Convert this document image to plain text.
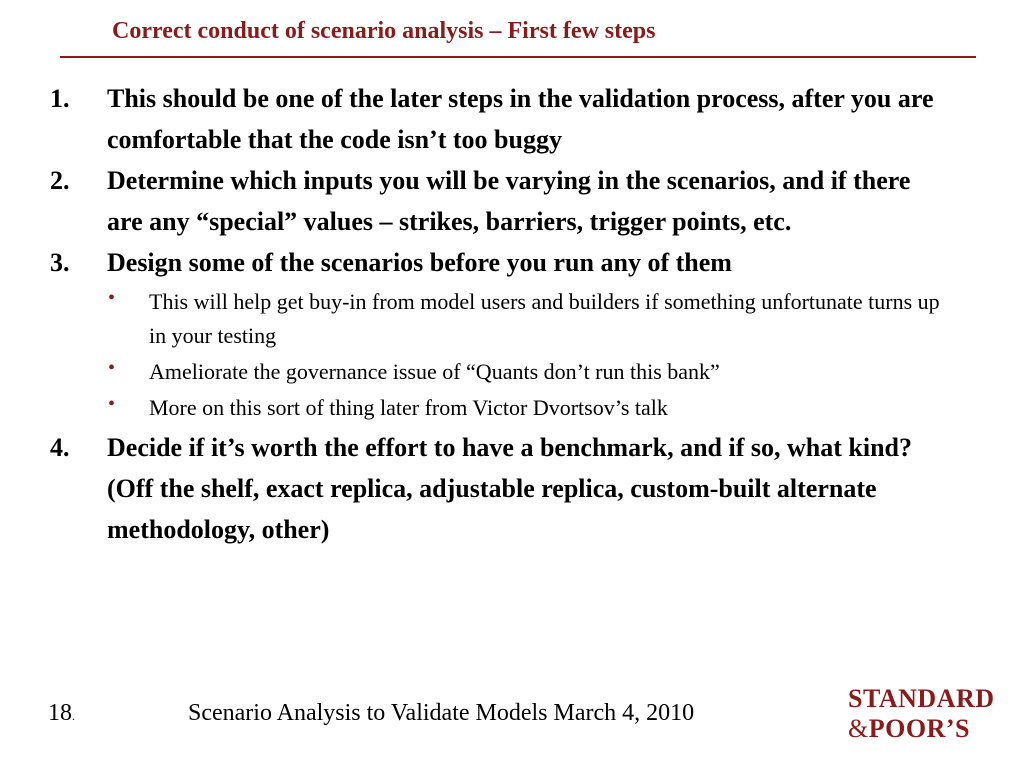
Correct conduct of scenario analysis – First few steps
1.	This should be one of the later steps in the validation process, after you are comfortable that the code isn’t too buggy
2.	Determine which inputs you will be varying in the scenarios, and if there are any “special” values – strikes, barriers, trigger points, etc.
3.	Design some of the scenarios before you run any of them
• This will help get buy-in from model users and builders if something unfortunate turns up in your testing
• Ameliorate the governance issue of “Quants don’t run this bank”
• More on this sort of thing later from Victor Dvortsov’s talk
4.	Decide if it’s worth the effort to have a benchmark, and if so, what kind? (Off the shelf, exact replica, adjustable replica, custom-built alternate methodology, other)
18.	Scenario Analysis to Validate Models March 4, 2010	STANDARD
&POOR’S
